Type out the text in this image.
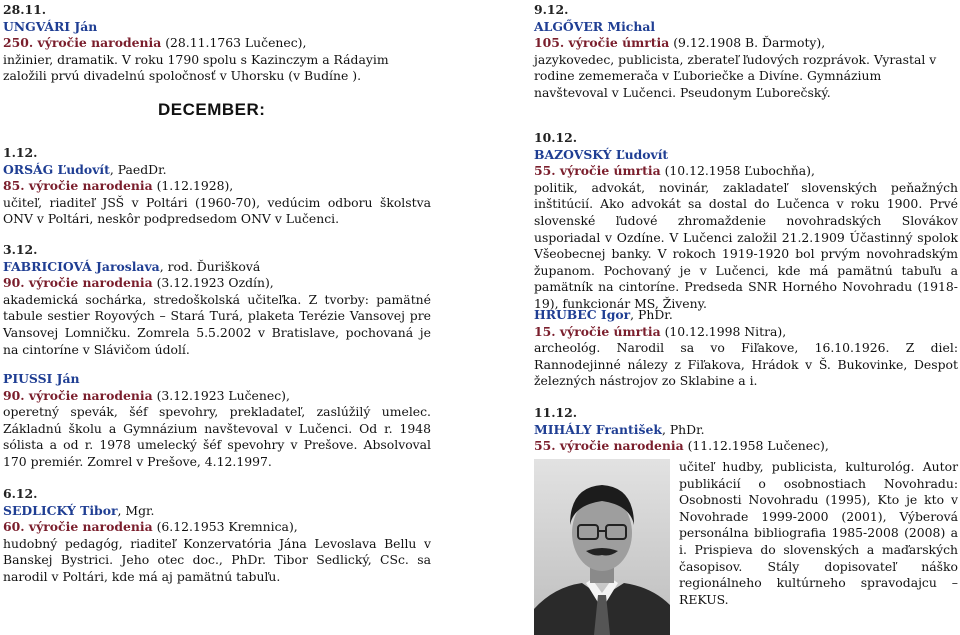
28.11.

UNGVÁRI Ján

250. výročie narodenia (28.11.1763 Lučenec),

inžinier, dramatik. V roku 1790 spolu s Kazinczym a Rádayim založili prvú divadelnú spoločnosť v Uhorsku (v Budíne ).

DECEMBER:

1.12.

ORSÁG Ľudovít, PaedDr.

85. výročie narodenia (1.12.1928),

učiteľ, riaditeľ JSŠ v Poltári (1960-70), vedúcim odboru školstva ONV v Poltári, neskôr podpredsedom ONV v Lučenci.

3.12.

FABRICIOVÁ Jaroslava, rod. Ďurišková

90. výročie narodenia (3.12.1923 Ozdín),

akademická sochárka, stredoškolská učiteľka. Z tvorby: pamätné tabule sestier Royových – Stará Turá, plaketa Terézie Vansovej pre Vansovej Lomničku. Zomrela 5.5.2002 v Bratislave, pochovaná je na cintoríne v Slávičom údolí.

PIUSSI Ján

90. výročie narodenia (3.12.1923 Lučenec),

operetný spevák, šéf spevohry, prekladateľ, zaslúžilý umelec. Základnú školu a Gymnázium navštevoval v Lučenci. Od r. 1948 sólista a od r. 1978 umelecký šéf spevohry v Prešove. Absolvoval 170 premiér. Zomrel v Prešove, 4.12.1997.

6.12.

SEDLICKÝ Tibor, Mgr.

60. výročie narodenia (6.12.1953 Kremnica),

hudobný pedagóg, riaditeľ Konzervatória Jána Levoslava Bellu v Banskej Bystrici. Jeho otec doc., PhDr. Tibor Sedlický, CSc. sa narodil v Poltári, kde má aj pamätnú tabuľu.

9.12.

ALGŐVER Michal

105. výročie úmrtia (9.12.1908 B. Ďarmoty),

jazykovedec, publicista, zberateľ ľudových rozprávok. Vyrastal v rodine zememerača v Ľuboriečke a Divíne. Gymnázium navštevoval v Lučenci. Pseudonym Ľuborečský.

10.12.

BAZOVSKÝ Ľudovít

55. výročie úmrtia (10.12.1958 Ľubochňa),

politik, advokát, novinár, zakladateľ slovenských peňažných inštitúcií. Ako advokát sa dostal do Lučenca v roku 1900. Prvé slovenské ľudové zhromaždenie novohradských Slovákov usporiadal v Ozdíne. V Lučenci založil 21.2.1909 Účastinný spolok Všeobecnej banky. V rokoch 1919-1920 bol prvým novohradským županom. Pochovaný je v Lučenci, kde má pamätnú tabuľu a pamätník na cintoríne. Predseda SNR Horného Novohradu (1918-19), funkcionár MS, Živeny.

HRUBEC Igor, PhDr.

15. výročie úmrtia (10.12.1998 Nitra),

archeológ. Narodil sa vo Fiľakove, 16.10.1926. Z diel: Rannodejinné nálezy z Fiľakova, Hrádok v Š. Bukovinke, Despot železných nástrojov zo Sklabine a i.

11.12.

MIHÁLY František, PhDr.

55. výročie narodenia (11.12.1958 Lučenec),

učiteľ hudby, publicista, kulturológ. Autor publikácií o osobnostiach Novohradu: Osobnosti Novohradu (1995), Kto je kto v Novohrade 1999-2000 (2001), Výberová personálna bibliografia 1985-2008 (2008) a i. Prispieva do slovenských a maďarských časopisov. Stály dopisovateľ náško regionálneho kultúrneho spravodajcu – REKUS.
